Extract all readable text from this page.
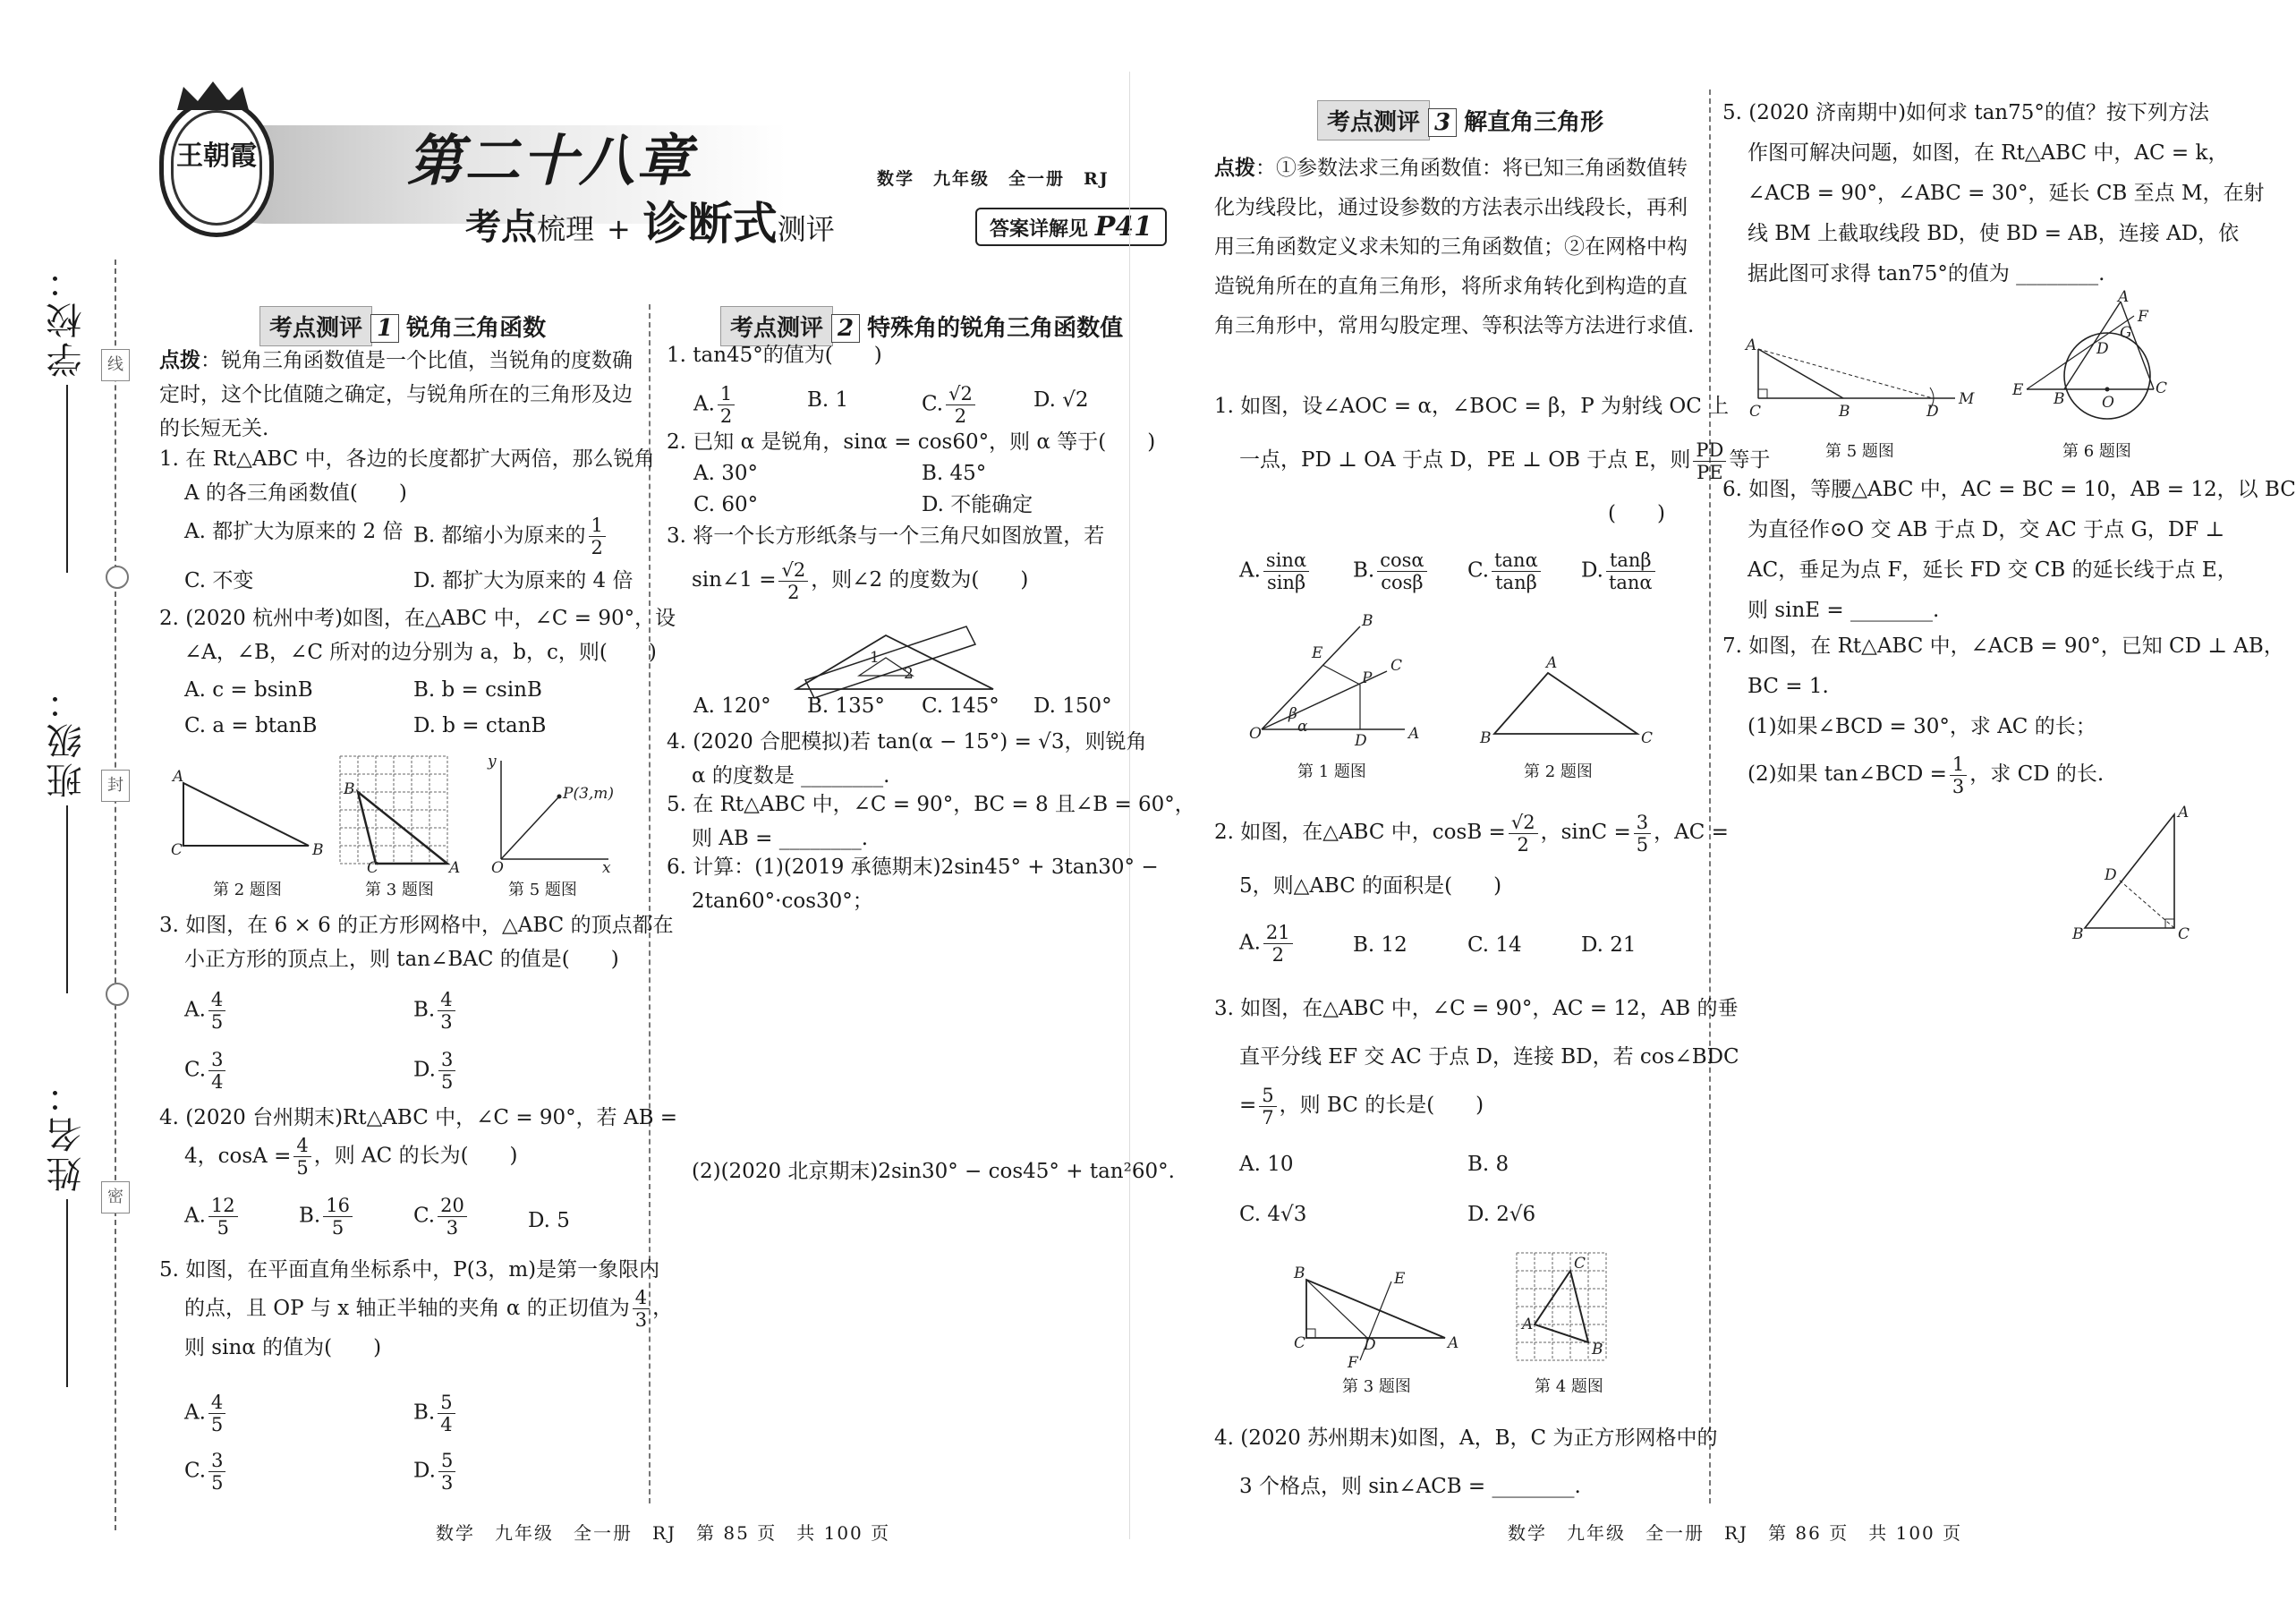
学校：
班级：
姓名：
线
封
密
王朝霞	第二十八章
考点梳理 + 诊断式测评
数学　九年级　全一册　RJ
答案详解见 P41
考点测评 1 锐角三角函数
点拨：锐角三角函数值是一个比值，当锐角的度数确
定时，这个比值随之确定，与锐角所在的三角形及边
的长短无关.
1. 在 Rt△ABC 中，各边的长度都扩大两倍，那么锐角
A 的各三角函数值(　　)
A. 都扩大为原来的 2 倍 B. 都缩小为原来的 $\frac{1}{2}$
C. 不变	D. 都扩大为原来的 4 倍
2. (2020 杭州中考)如图，在△ABC 中，∠C = 90°，设
∠A，∠B，∠C 所对的边分别为 a，b，c，则(　　)
A. c = bsinB	B. b = csinB
C. a = btanB	D. b = ctanB
A
C	B
B
C	A O	x
y
P(3,m)
第 2 题图	第 3 题图	第 5 题图
3. 如图，在 6 × 6 的正方形网格中，△ABC 的顶点都在
小正方形的顶点上，则 tan∠BAC 的值是(　　)
A. $\frac{4}{5}$	B. $\frac{4}{3}$
C. $\frac{3}{4}$	D. $\frac{3}{5}$
4. (2020 台州期末)Rt△ABC 中，∠C = 90°，若 AB =
4，$\cos A = \frac{4}{5}$ ，则 AC 的长为(　　)
A. $\frac{12}{5}$	B. $\frac{16}{5}$	C. $\frac{20}{3}$	D. 5
5. 如图，在平面直角坐标系中，P(3，m)是第一象限内
的点，且 OP 与 x 轴正半轴的夹角 α 的正切值为 $\frac{4}{3}$ ，
则 sinα 的值为(　　)
A. $\frac{4}{5}$	B. $\frac{5}{4}$
C. $\frac{3}{5}$	D. $\frac{5}{3}$
考点测评 2 特殊角的锐角三角函数值
1. tan45°的值为(　　)
A. $\frac{1}{2}$	B. 1	C. $\frac{√2}{2}$	D. √2
2. 已知 α 是锐角，sinα = cos60°，则 α 等于(　　)
A. 30°	B. 45°
C. 60°	D. 不能确定
3. 将一个长方形纸条与一个三角尺如图放置，若
sin∠1 = $\frac{√2}{2}$ ，则∠2 的度数为(　　)
1
2
A. 120° B. 135° C. 145° D. 150°
4. (2020 合肥模拟)若 tan(α − 15°) = √3，则锐角
α 的度数是 ________.
5. 在 Rt△ABC 中，∠C = 90°，BC = 8 且∠B = 60°，
则 AB = ________.
6. 计算：(1)(2019 承德期末)2sin45° + 3tan30° −
2tan60°·cos30°；
(2)(2020 北京期末)2sin30° − cos45° + tan²60°.
考点测评 3 解直角三角形
点拨：①参数法求三角函数值：将已知三角函数值转
化为线段比，通过设参数的方法表示出线段长，再利
用三角函数定义求未知的三角函数值；②在网格中构
造锐角所在的直角三角形，将所求角转化到构造的直
角三角形中，常用勾股定理、等积法等方法进行求值.
1. 如图，设∠AOC = α，∠BOC = β，P 为射线 OC 上
一点，PD ⊥ OA 于点 D，PE ⊥ OB 于点 E，则 $\frac{PD}{PE}$ 等于
(　　)
A. $\frac{\sin\alpha}{\sin\beta} B$. $\frac{\cos\alpha}{\cos\beta} C$. $\frac{\tan\alpha}{\tan\beta} D$. $\frac{\tan\beta}{\tan\alpha}$
O	A
B
C
P
E
D
β
α
A
B	C
第 1 题图	第 2 题图
2. 如图，在△ABC 中，$\cos B = \frac{√2}{2}$ ，$\sin C = \frac{3}{5}$ ，AC =
5，则△ABC 的面积是(　　)
A. $\frac{21}{2}$	B. 12	C. 14	D. 21
3. 如图，在△ABC 中，∠C = 90°，AC = 12，AB 的垂
直平分线 EF 交 AC 于点 D，连接 BD，若 cos∠BDC
= $\frac{5}{7}$ ，则 BC 的长是(　　)
A. 10	B. 8
C. 4√3	D. 2√6
B
C	A
E
D
F
C
A
B
第 3 题图	第 4 题图
4. (2020 苏州期末)如图，A，B，C 为正方形网格中的
3 个格点，则 sin∠ACB = ________.
5. (2020 济南期中)如何求 tan75°的值？按下列方法
作图可解决问题，如图，在 Rt△ABC 中，AC = k，
∠ACB = 90°，∠ABC = 30°，延长 CB 至点 M，在射
线 BM 上截取线段 BD，使 BD = AB，连接 AD，依
据此图可求得 tan75°的值为 ________.
A
C	B	D
M
A
B
C
E
D
F
G
O
第 5 题图	第 6 题图
6. 如图，等腰△ABC 中，AC = BC = 10，AB = 12，以 BC
为直径作⊙O 交 AB 于点 D，交 AC 于点 G，DF ⊥
AC，垂足为点 F，延长 FD 交 CB 的延长线于点 E，
则 sinE = ________.
7. 如图，在 Rt△ABC 中，∠ACB = 90°，已知 CD ⊥ AB，
BC = 1.
(1)如果∠BCD = 30°，求 AC 的长；
(2)如果 tan∠BCD = $\frac{1}{3}$ ，求 CD 的长.
A
B	C
D
数学　九年级　全一册　RJ　第 85 页　共 100 页	数学　九年级　全一册　RJ　第 86 页　共 100 页
